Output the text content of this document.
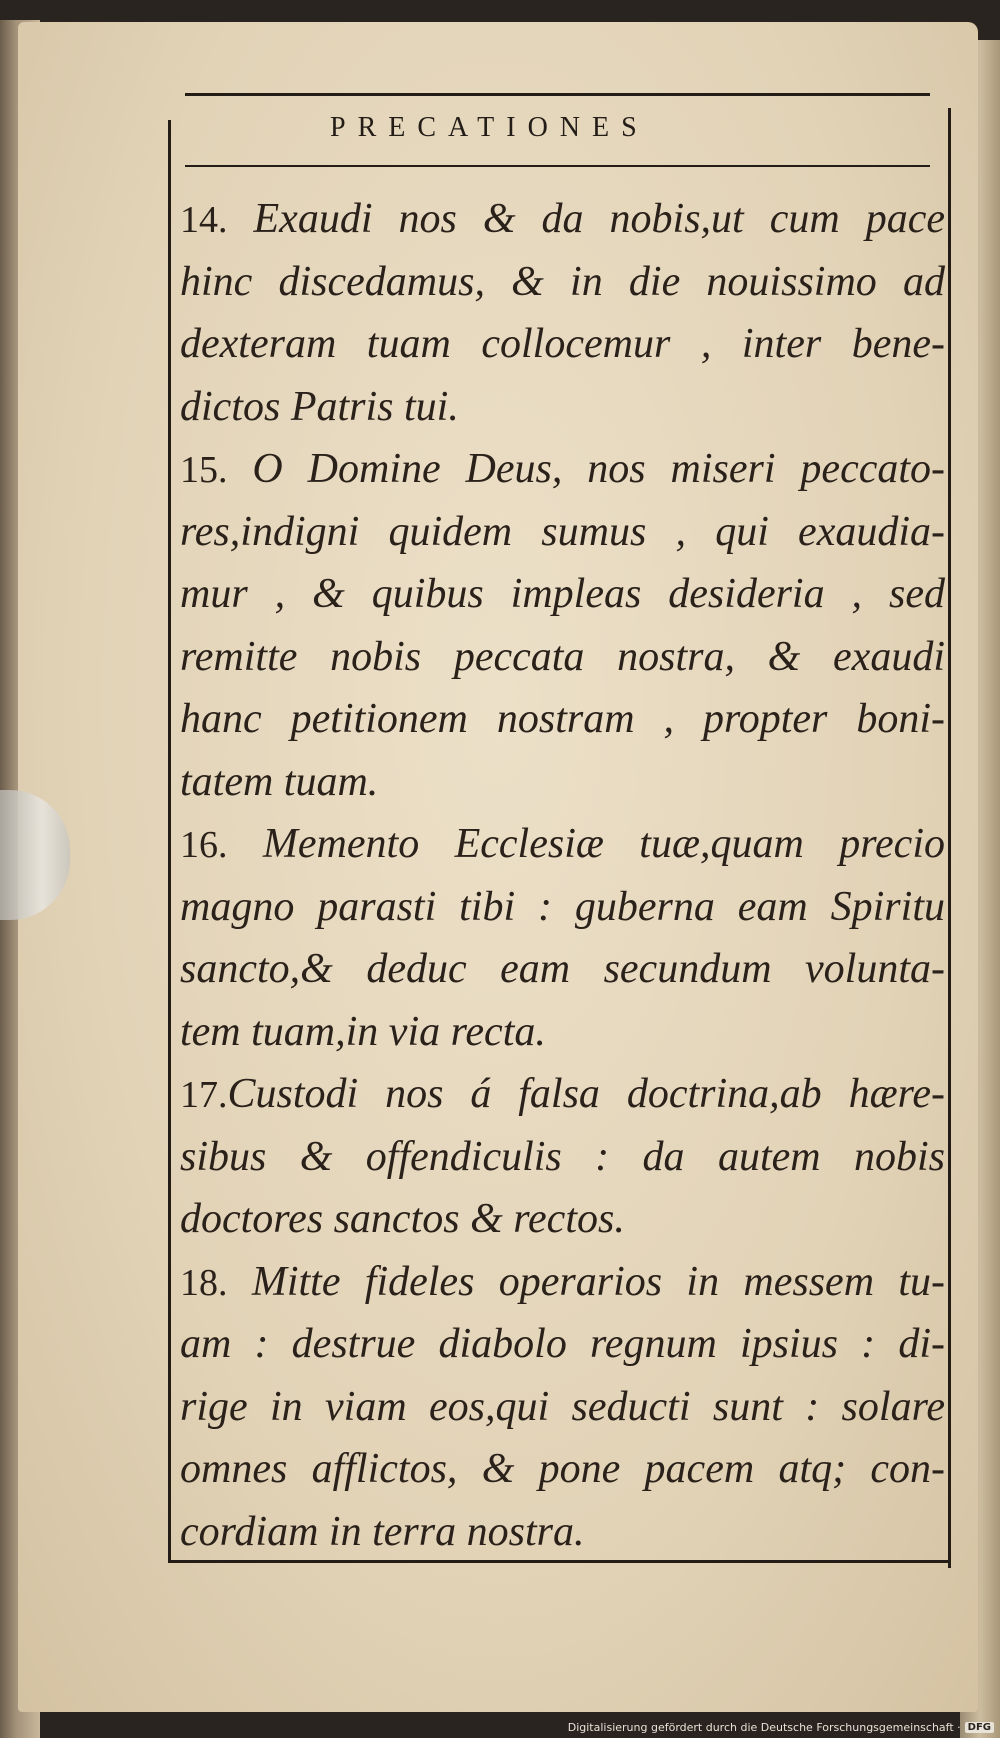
PRECATIONES
14. Exaudi nos & da nobis,ut cum pace
hinc discedamus, & in die nouissimo ad
dexteram tuam collocemur , inter bene-
dictos Patris tui.
15. O Domine Deus, nos miseri peccato-
res,indigni quidem sumus , qui exaudia-
mur , & quibus impleas desideria , sed
remitte nobis peccata nostra, & exaudi
hanc petitionem nostram , propter boni-
tatem tuam.
16. Memento Ecclesiæ tuæ,quam precio
magno parasti tibi : guberna eam Spiritu
sancto,& deduc eam secundum volunta-
tem tuam,in via recta.
17.Custodi nos á falsa doctrina,ab hære-
sibus & offendiculis : da autem nobis
doctores sanctos & rectos.
18. Mitte fideles operarios in messem tu-
am : destrue diabolo regnum ipsius : di-
rige in viam eos,qui seducti sunt : solare
omnes afflictos, & pone pacem atq; con-
cordiam in terra nostra.
Digitalisierung gefördert durch die Deutsche Forschungsgemeinschaft · DFG
